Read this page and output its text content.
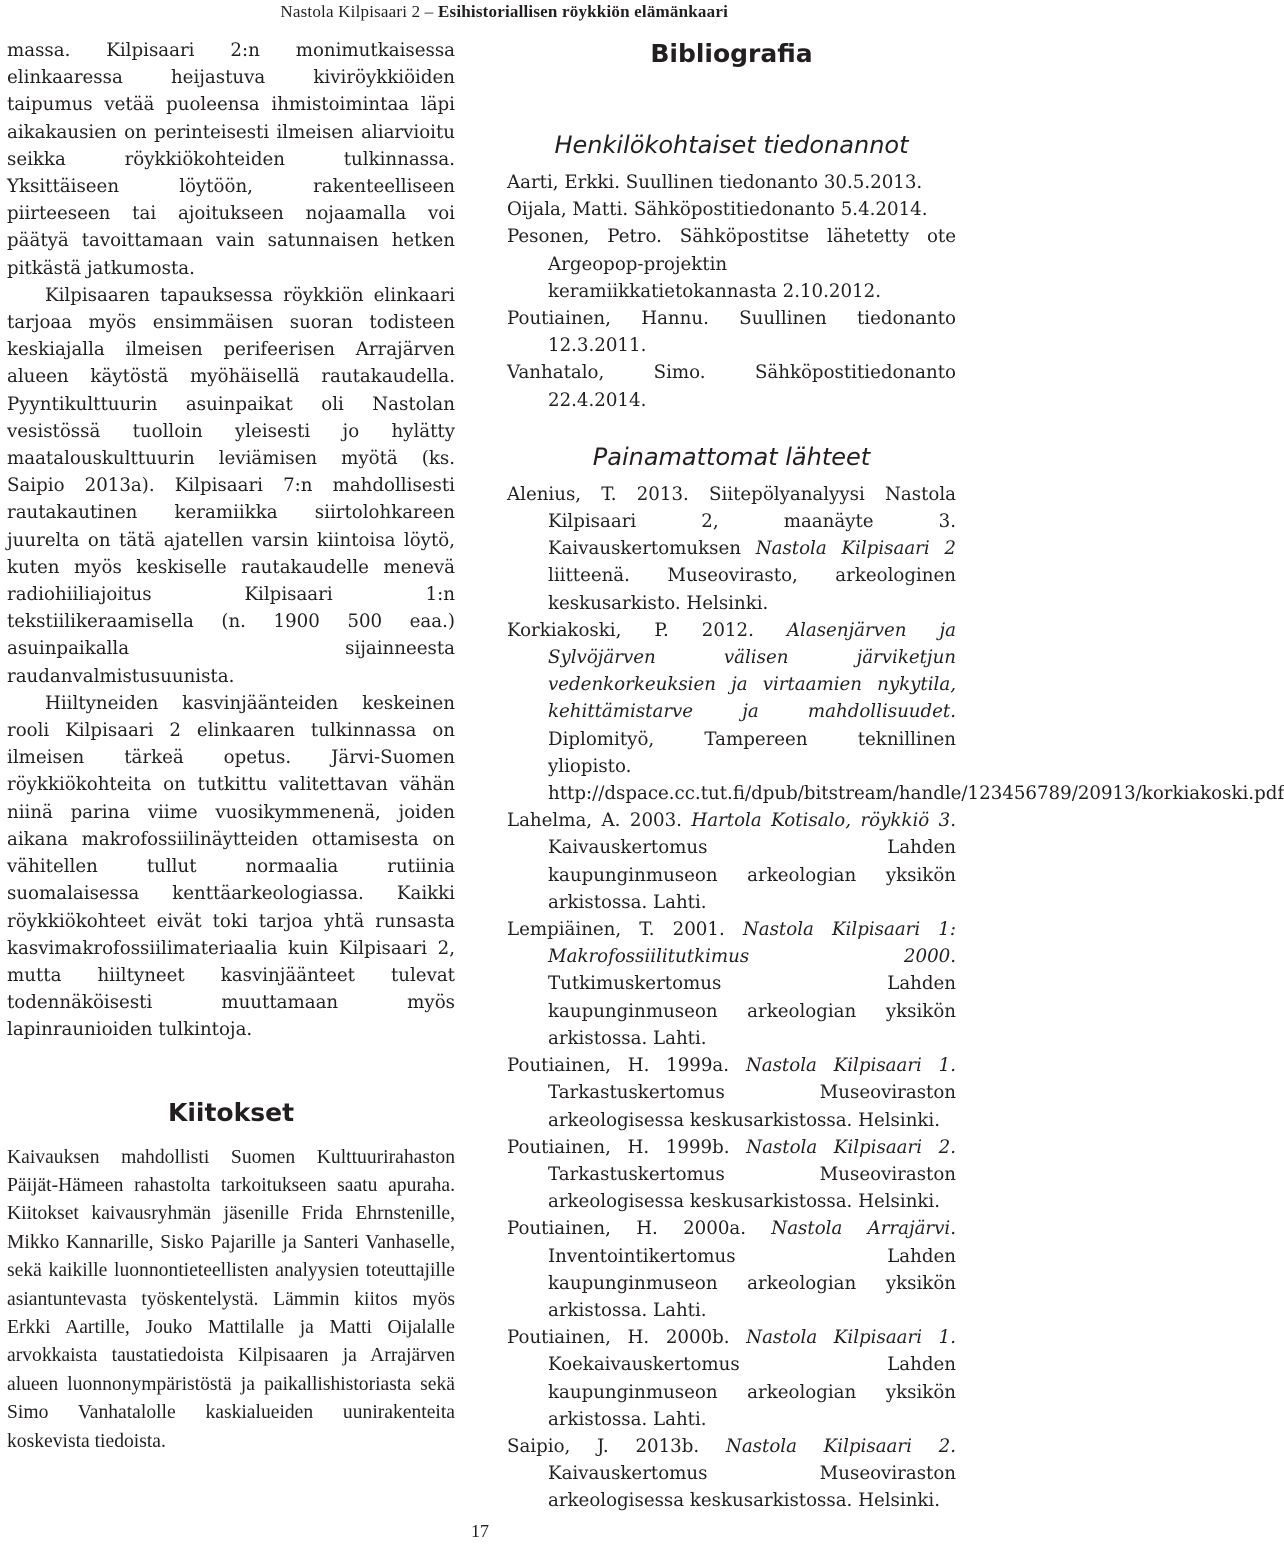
Nastola Kilpisaari 2 – Esihistoriallisen röykkiön elämänkaari

massa. Kilpisaari 2:n monimutkaisessa elinkaaressa heijastuva kiviröykkiöiden taipumus vetää puoleensa ihmistoimintaa läpi aikakausien on perinteisesti ilmeisen aliarvioitu seikka röykkiökohteiden tulkinnassa. Yksittäiseen löytöön, rakenteelliseen piirteeseen tai ajoitukseen nojaamalla voi päätyä tavoittamaan vain satunnaisen hetken pitkästä jatkumosta.

Kilpisaaren tapauksessa röykkiön elinkaari tarjoaa myös ensimmäisen suoran todisteen keskiajalla ilmeisen perifeerisen Arrajärven alueen käytöstä myöhäisellä rautakaudella. Pyyntikulttuurin asuinpaikat oli Nastolan vesistössä tuolloin yleisesti jo hylätty maatalouskulttuurin leviämisen myötä (ks. Saipio 2013a). Kilpisaari 7:n mahdollisesti rautakautinen keramiikka siirtolohkareen juurelta on tätä ajatellen varsin kiintoisa löytö, kuten myös keskiselle rautakaudelle menevä radiohiiliajoitus Kilpisaari 1:n tekstiilikeraamisella (n. 1900 500 eaa.) asuinpaikalla sijainneesta raudanvalmistusuunista.

Hiiltyneiden kasvinjäänteiden keskeinen rooli Kilpisaari 2 elinkaaren tulkinnassa on ilmeisen tärkeä opetus. Järvi-Suomen röykkiökohteita on tutkittu valitettavan vähän niinä parina viime vuosikymmenenä, joiden aikana makrofossiilinäytteiden ottamisesta on vähitellen tullut normaalia rutiinia suomalaisessa kenttäarkeologiassa. Kaikki röykkiökohteet eivät toki tarjoa yhtä runsasta kasvimakrofossiilimateriaalia kuin Kilpisaari 2, mutta hiiltyneet kasvinjäänteet tulevat todennäköisesti muuttamaan myös lapinraunioiden tulkintoja.

Kiitokset

Kaivauksen mahdollisti Suomen Kulttuurirahaston Päijät-Hämeen rahastolta tarkoitukseen saatu apuraha. Kiitokset kaivausryhmän jäsenille Frida Ehrnstenille, Mikko Kannarille, Sisko Pajarille ja Santeri Vanhaselle, sekä kaikille luonnontieteellisten analyysien toteuttajille asiantuntevasta työskentelystä. Lämmin kiitos myös Erkki Aartille, Jouko Mattilalle ja Matti Oijalalle arvokkaista taustatiedoista Kilpisaaren ja Arrajärven alueen luonnonympäristöstä ja paikallishistoriasta sekä Simo Vanhatalolle kaskialueiden uunirakenteita koskevista tiedoista.

Bibliografia
Henkilökohtaiset tiedonannot
Aarti, Erkki. Suullinen tiedonanto 30.5.2013.
Oijala, Matti. Sähköpostitiedonanto 5.4.2014.
Pesonen, Petro. Sähköpostitse lähetetty ote Argeopop-projektin keramiikkatietokannasta 2.10.2012.
Poutiainen, Hannu. Suullinen tiedonanto 12.3.2011.
Vanhatalo, Simo. Sähköpostitiedonanto 22.4.2014.
Painamattomat lähteet
Alenius, T. 2013. Siitepölyanalyysi Nastola Kilpisaari 2, maanäyte 3. Kaivauskertomuksen Nastola Kilpisaari 2 liitteenä. Museovirasto, arkeologinen keskusarkisto. Helsinki.
Korkiakoski, P. 2012. Alasenjärven ja Sylvöjärven välisen järviketjun vedenkorkeuksien ja virtaamien nykytila, kehittämistarve ja mahdollisuudet. Diplomityö, Tampereen teknillinen yliopisto. http://dspace.cc.tut.fi/dpub/bitstream/handle/123456789/20913/korkiakoski.pdf
Lahelma, A. 2003. Hartola Kotisalo, röykkiö 3. Kaivauskertomus Lahden kaupunginmuseon arkeologian yksikön arkistossa. Lahti.
Lempiäinen, T. 2001. Nastola Kilpisaari 1: Makrofossiilitutkimus 2000. Tutkimuskertomus Lahden kaupunginmuseon arkeologian yksikön arkistossa. Lahti.
Poutiainen, H. 1999a. Nastola Kilpisaari 1. Tarkastuskertomus Museoviraston arkeologisessa keskusarkistossa. Helsinki.
Poutiainen, H. 1999b. Nastola Kilpisaari 2. Tarkastuskertomus Museoviraston arkeologisessa keskusarkistossa. Helsinki.
Poutiainen, H. 2000a. Nastola Arrajärvi. Inventointikertomus Lahden kaupunginmuseon arkeologian yksikön arkistossa. Lahti.
Poutiainen, H. 2000b. Nastola Kilpisaari 1. Koekaivauskertomus Lahden kaupunginmuseon arkeologian yksikön arkistossa. Lahti.
Saipio, J. 2013b. Nastola Kilpisaari 2. Kaivauskertomus Museoviraston arkeologisessa keskusarkistossa. Helsinki.
17
